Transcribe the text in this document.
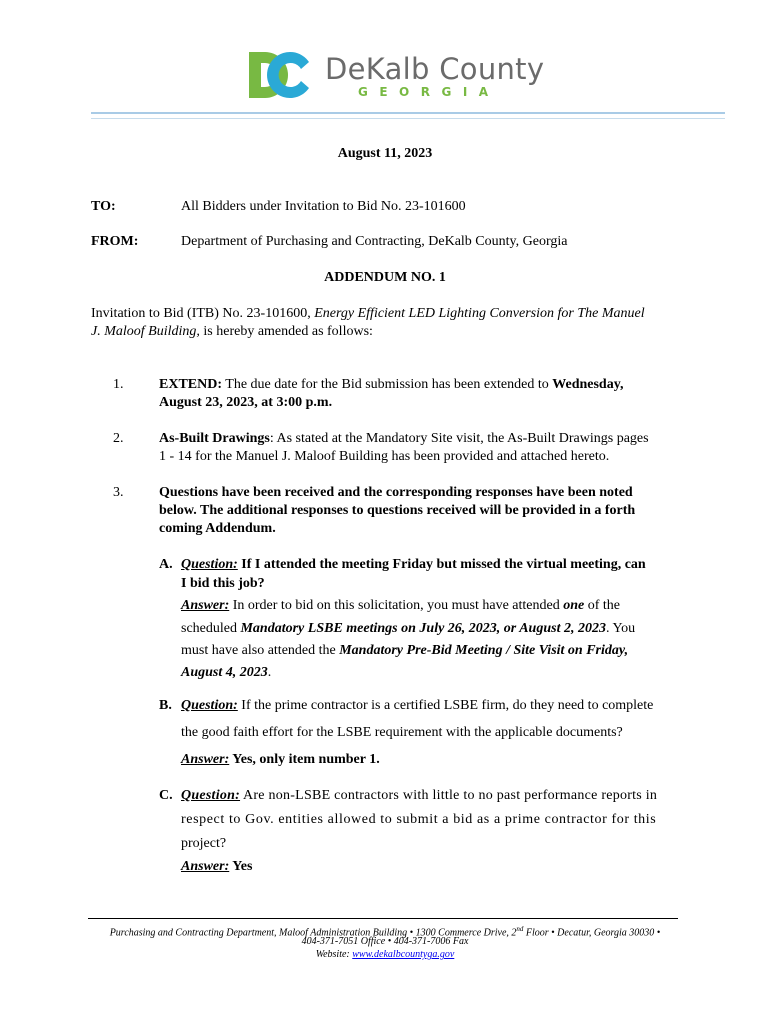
DeKalb County
GEORGIA
August 11, 2023
TO:	All Bidders under Invitation to Bid No. 23-101600
FROM:	Department of Purchasing and Contracting, DeKalb County, Georgia
ADDENDUM NO. 1
Invitation to Bid (ITB) No. 23-101600, Energy Efficient LED Lighting Conversion for The Manuel
J. Maloof Building, is hereby amended as follows:
1.	EXTEND: The due date for the Bid submission has been extended to Wednesday,
August 23, 2023, at 3:00 p.m.
2.	As-Built Drawings: As stated at the Mandatory Site visit, the As-Built Drawings pages
1 - 14 for the Manuel J. Maloof Building has been provided and attached hereto.
3.	Questions have been received and the corresponding responses have been noted
below. The additional responses to questions received will be provided in a forth
coming Addendum.
A. Question: If I attended the meeting Friday but missed the virtual meeting, can
I bid this job?
Answer: In order to bid on this solicitation, you must have attended one of the
scheduled Mandatory LSBE meetings on July 26, 2023, or August 2, 2023. You
must have also attended the Mandatory Pre-Bid Meeting / Site Visit on Friday,
August 4, 2023.
B. Question: If the prime contractor is a certified LSBE firm, do they need to complete
the good faith effort for the LSBE requirement with the applicable documents?
Answer: Yes, only item number 1.
C. Question: Are non-LSBE contractors with little to no past performance reports in
respect to Gov. entities allowed to submit a bid as a prime contractor for this
project?
Answer: Yes
Purchasing and Contracting Department, Maloof Administration Building • 1300 Commerce Drive, 2nd Floor • Decatur, Georgia 30030 •
404-371-7051 Office • 404-371-7006 Fax
Website: www.dekalbcountyga.gov
